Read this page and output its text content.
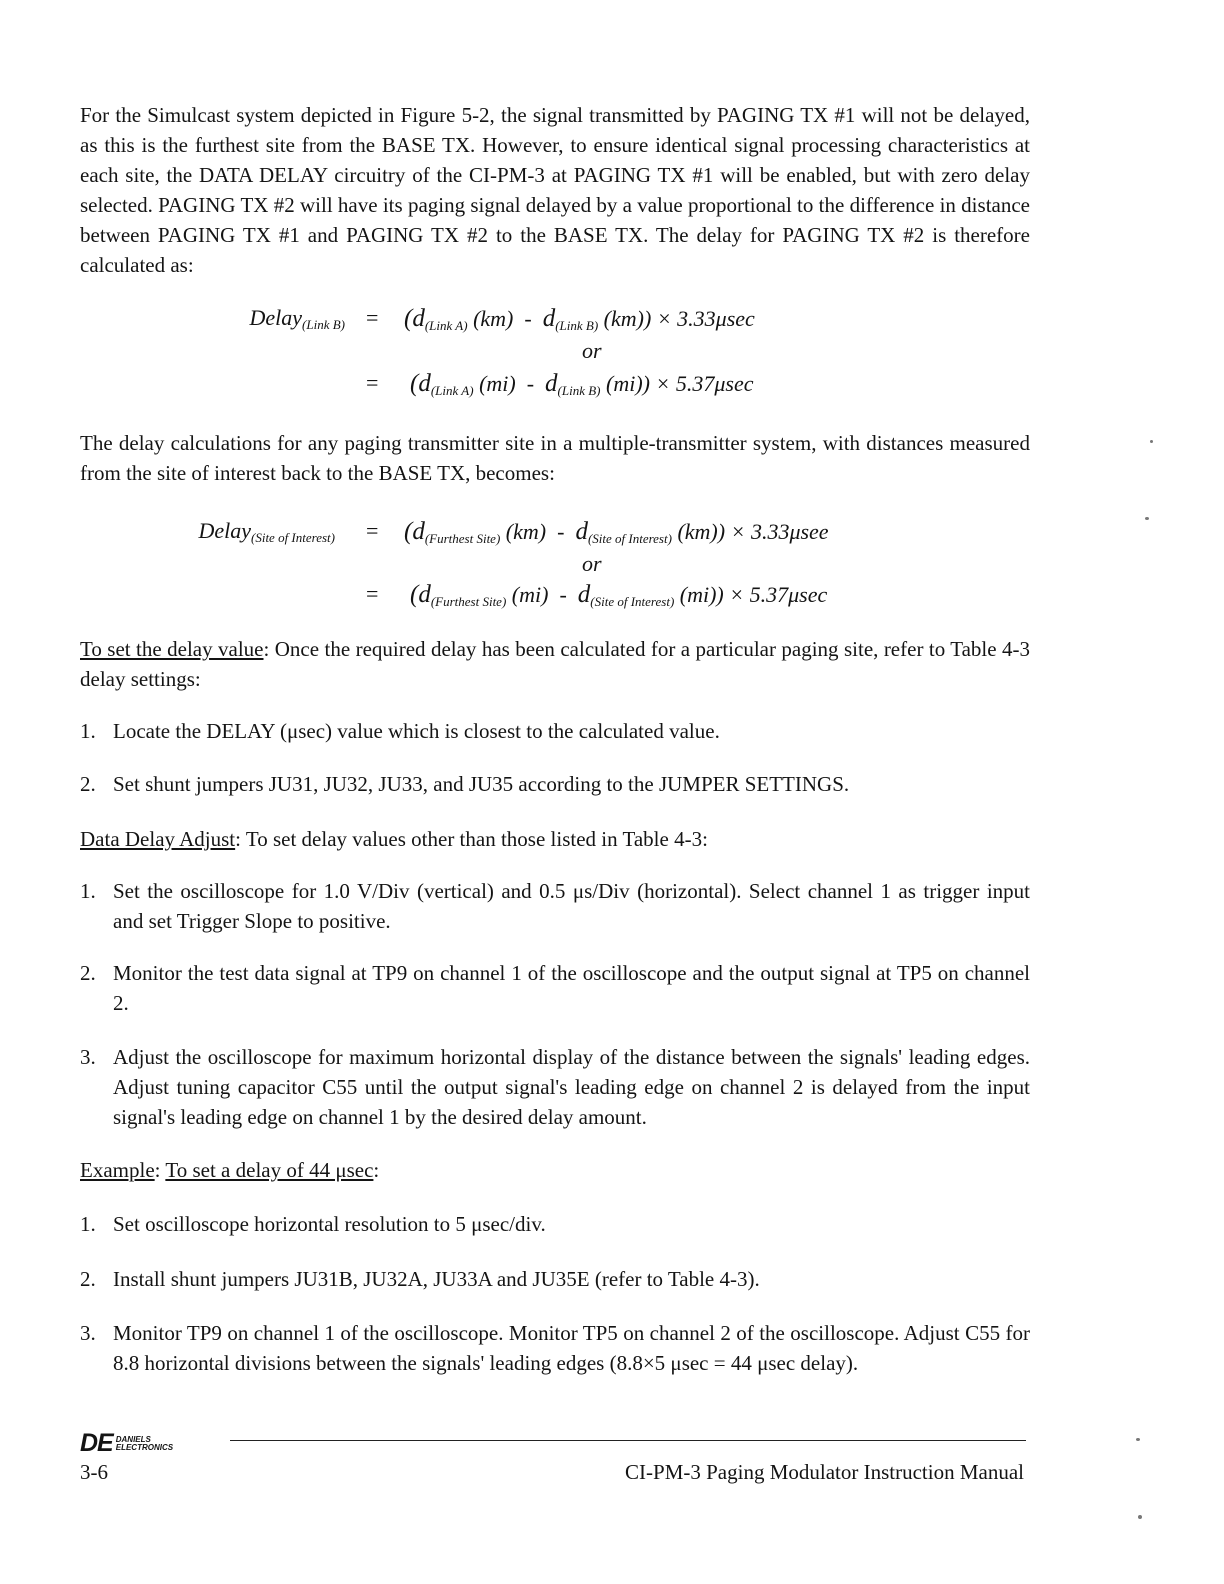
For the Simulcast system depicted in Figure 5-2, the signal transmitted by PAGING TX #1 will not be delayed, as this is the furthest site from the BASE TX. However, to ensure identical signal processing characteristics at each site, the DATA DELAY circuitry of the CI-PM-3 at PAGING TX #1 will be enabled, but with zero delay selected. PAGING TX #2 will have its paging signal delayed by a value proportional to the difference in distance between PAGING TX #1 and PAGING TX #2 to the BASE TX. The delay for PAGING TX #2 is therefore calculated as:

Delay$_{(Link B)}$ = ($d_{(Link A)}$ $(km) - d_{(Link B)}$ (km)) × 3.33μsec
or
= ($d_{(Link A)}$ $(mi) - d_{(Link B)}$ (mi)) × 5.37μsec

The delay calculations for any paging transmitter site in a multiple-transmitter system, with distances measured from the site of interest back to the BASE TX, becomes:

Delay$_{(Site of Interest)}$ = ($d_{(Furthest Site)}$ $(km) - d_{(Site of Interest)}$ (km)) × 3.33μsee
or
= ($d_{(Furthest Site)}$ $(mi) - d_{(Site of Interest)}$ (mi)) × 5.37μsec

To set the delay value: Once the required delay has been calculated for a particular paging site, refer to Table 4-3 delay settings:

1. Locate the DELAY (μsec) value which is closest to the calculated value.
2. Set shunt jumpers JU31, JU32, JU33, and JU35 according to the JUMPER SETTINGS.

Data Delay Adjust: To set delay values other than those listed in Table 4-3:

1. Set the oscilloscope for 1.0 V/Div (vertical) and 0.5 μs/Div (horizontal). Select channel 1 as trigger input and set Trigger Slope to positive.
2. Monitor the test data signal at TP9 on channel 1 of the oscilloscope and the output signal at TP5 on channel 2.
3. Adjust the oscilloscope for maximum horizontal display of the distance between the signals' leading edges. Adjust tuning capacitor C55 until the output signal's leading edge on channel 2 is delayed from the input signal's leading edge on channel 1 by the desired delay amount.

Example: To set a delay of 44 μsec:

1. Set oscilloscope horizontal resolution to 5 μsec/div.
2. Install shunt jumpers JU31B, JU32A, JU33A and JU35E (refer to Table 4-3).
3. Monitor TP9 on channel 1 of the oscilloscope. Monitor TP5 on channel 2 of the oscilloscope. Adjust C55 for 8.8 horizontal divisions between the signals' leading edges (8.8×5 μsec = 44 μsec delay).
DE DANIELS
ELECTRONICS
3-6	CI-PM-3 Paging Modulator Instruction Manual
